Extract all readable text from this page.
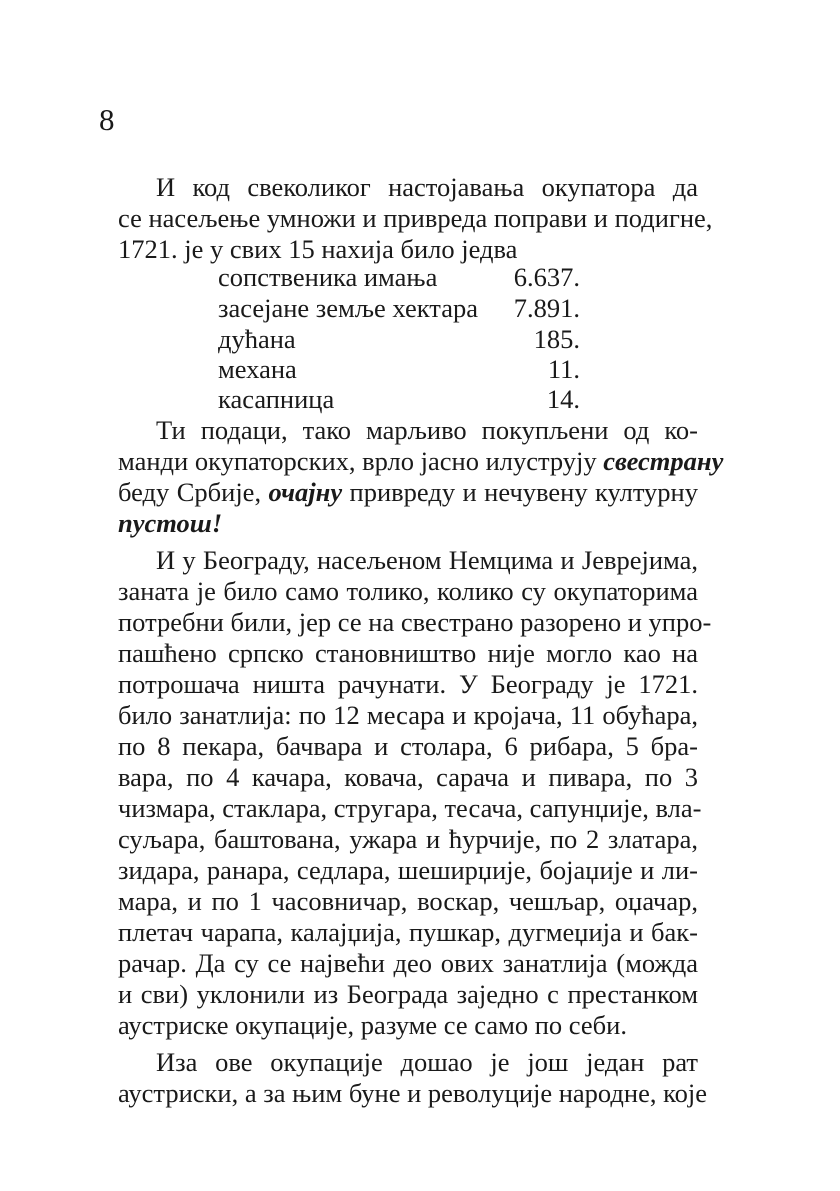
8
И код свеколиког настојавања окупатора да
се насељење умножи и привреда поправи и подигне,
1721. је у свих 15 нахија било једва
сопственика имања	6.637.
засејане земље хектара 7.891.
дућана	185.
механа	11.
касапница	14.
Ти подаци, тако марљиво покупљени од ко-
манди окупаторских, врло јасно илуструју свестрану
беду Србије, очајну привреду и нечувену културну
пустош!
И у Београду, насељеном Немцима и Јеврејима,
заната је било само толико, колико су окупаторима
потребни били, јер се на свестрано разорено и упро-
пашћено српско становништво није могло као на
потрошача ништа рачунати. У Београду је 1721.
било занатлија: по 12 месара и кројача, 11 обућара,
по 8 пекара, бачвара и столара, 6 рибара, 5 бра-
вара, по 4 качара, ковача, сарача и пивара, по 3
чизмара, стаклара, стругара, тесача, сапунџије, вла-
суљара, баштована, ужара и ћурчије, по 2 златара,
зидара, ранара, седлара, шеширџије, бојаџије и ли-
мара, и по 1 часовничар, воскар, чешљар, оџачар,
плетач чарапа, калајџија, пушкар, дугмеџија и бак-
рачар. Да су се највећи део ових занатлија (можда
и сви) уклонили из Београда заједно с престанком
аустриске окупације, разуме се само по себи.
Иза ове окупације дошао је још један рат
аустриски, а за њим буне и револуције народне, које
